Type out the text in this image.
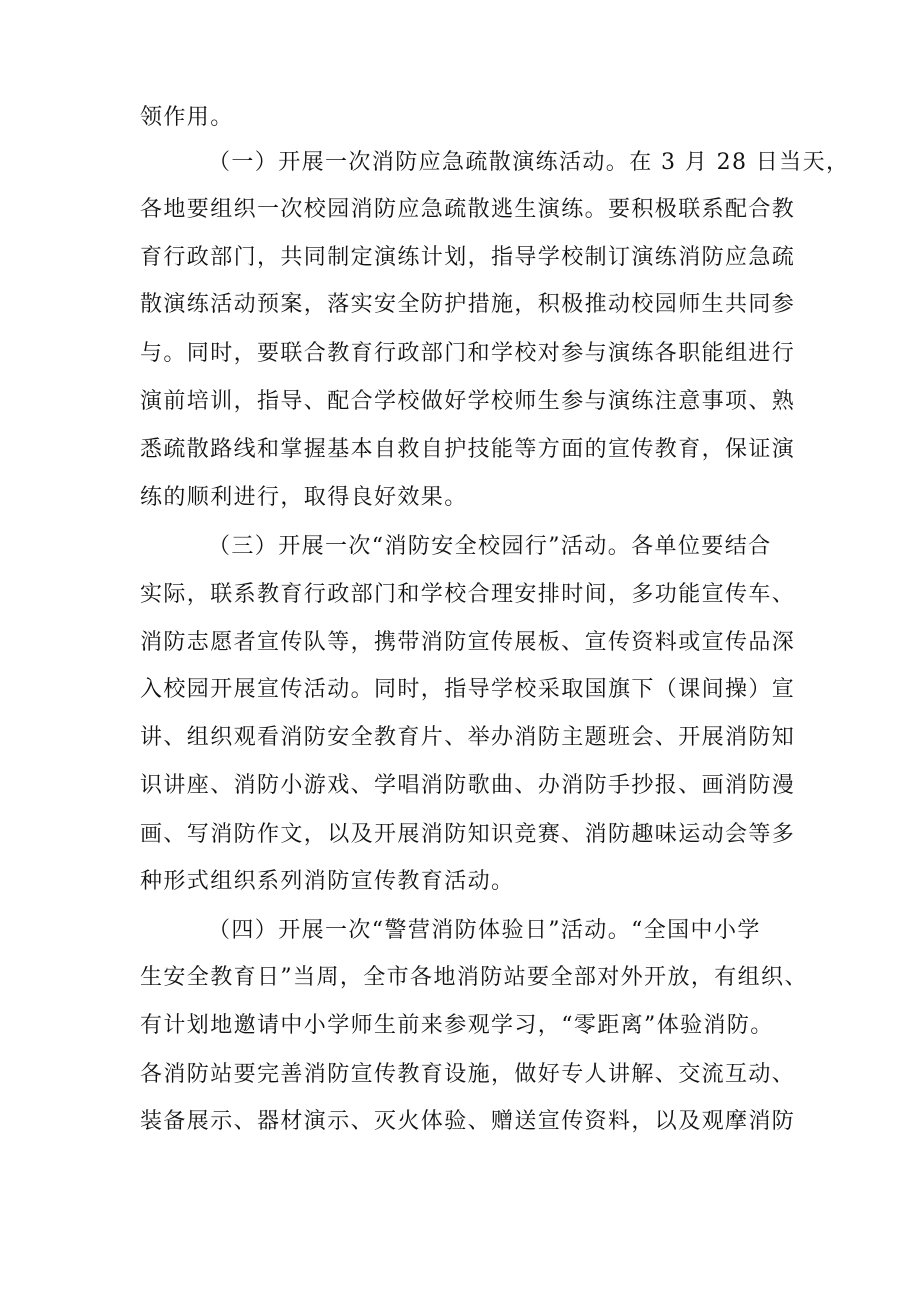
领作用。
（一）开展一次消防应急疏散演练活动。在 3 月 28 日当天，
各地要组织一次校园消防应急疏散逃生演练。要积极联系配合教
育行政部门，共同制定演练计划，指导学校制订演练消防应急疏
散演练活动预案，落实安全防护措施，积极推动校园师生共同参
与。同时，要联合教育行政部门和学校对参与演练各职能组进行
演前培训，指导、配合学校做好学校师生参与演练注意事项、熟
悉疏散路线和掌握基本自救自护技能等方面的宣传教育，保证演
练的顺利进行，取得良好效果。
（三）开展一次“消防安全校园行”活动。各单位要结合
实际，联系教育行政部门和学校合理安排时间，多功能宣传车、
消防志愿者宣传队等，携带消防宣传展板、宣传资料或宣传品深
入校园开展宣传活动。同时，指导学校采取国旗下（课间操）宣
讲、组织观看消防安全教育片、举办消防主题班会、开展消防知
识讲座、消防小游戏、学唱消防歌曲、办消防手抄报、画消防漫
画、写消防作文，以及开展消防知识竞赛、消防趣味运动会等多
种形式组织系列消防宣传教育活动。
（四）开展一次“警营消防体验日”活动。“全国中小学
生安全教育日”当周，全市各地消防站要全部对外开放，有组织、
有计划地邀请中小学师生前来参观学习，“零距离”体验消防。
各消防站要完善消防宣传教育设施，做好专人讲解、交流互动、
装备展示、器材演示、灭火体验、赠送宣传资料，以及观摩消防
